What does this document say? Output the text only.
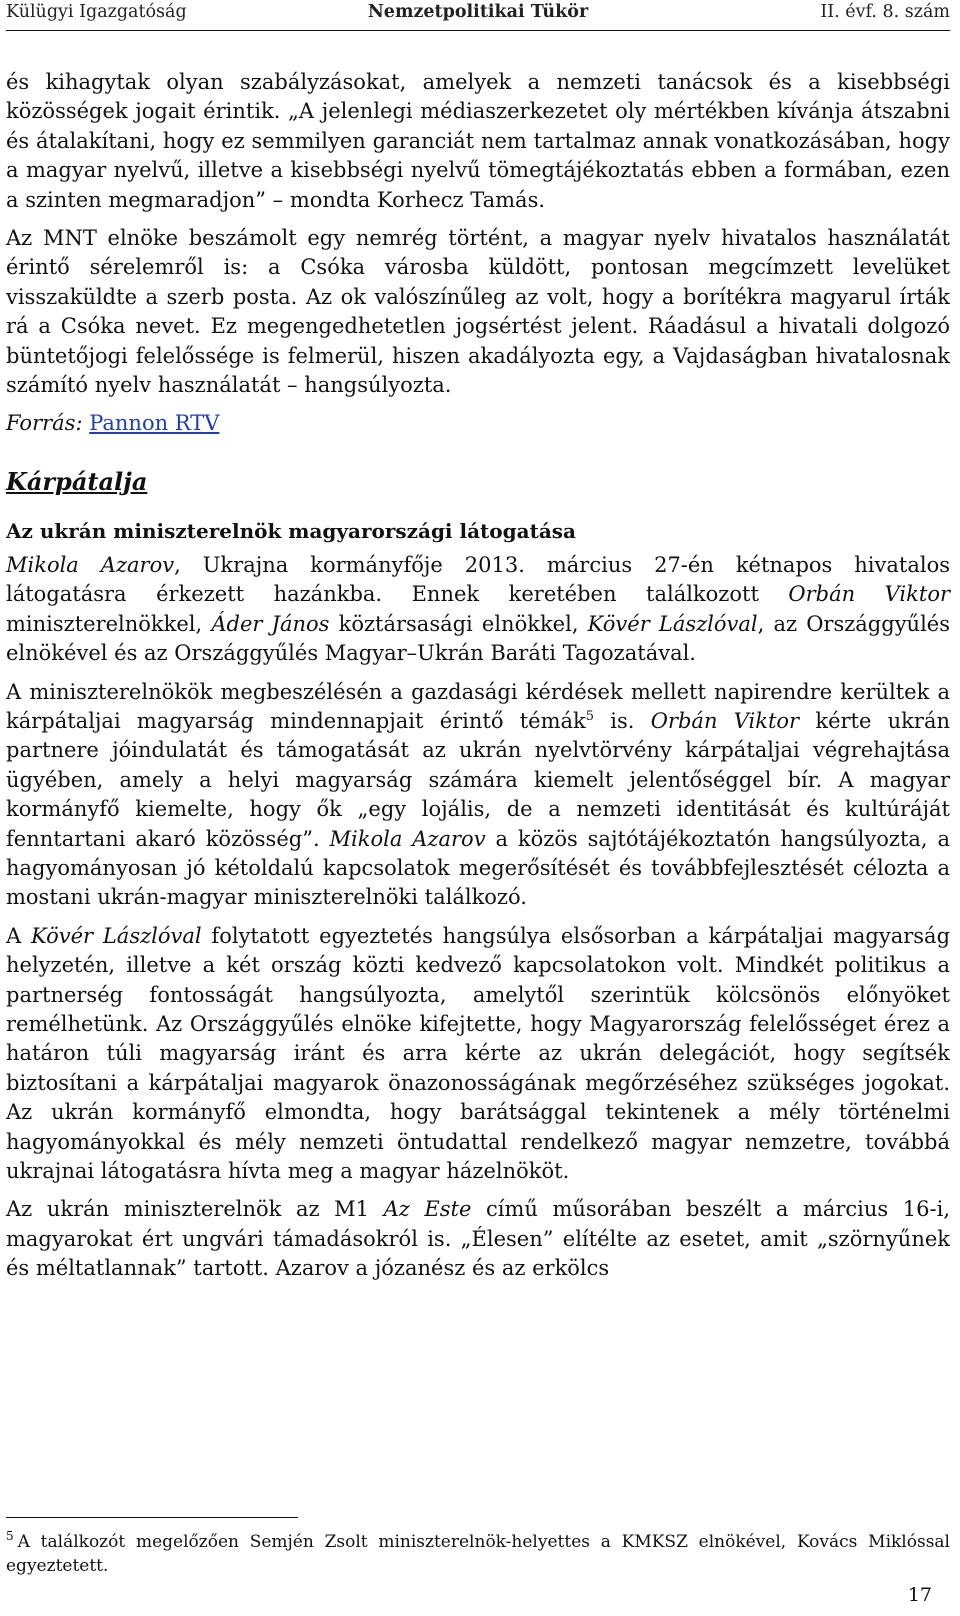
Külügyi Igazgatóság	Nemzetpolitikai Tükör	II. évf. 8. szám

és kihagytak olyan szabályzásokat, amelyek a nemzeti tanácsok és a kisebbségi közösségek jogait érintik. „A jelenlegi médiaszerkezetet oly mértékben kívánja átszabni és átalakítani, hogy ez semmilyen garanciát nem tartalmaz annak vonatkozásában, hogy a magyar nyelvű, illetve a kisebbségi nyelvű tömegtájékoztatás ebben a formában, ezen a szinten megmaradjon” – mondta Korhecz Tamás.

Az MNT elnöke beszámolt egy nemrég történt, a magyar nyelv hivatalos használatát érintő sérelemről is: a Csóka városba küldött, pontosan megcímzett levelüket visszaküldte a szerb posta. Az ok valószínűleg az volt, hogy a borítékra magyarul írták rá a Csóka nevet. Ez megengedhetetlen jogsértést jelent. Ráadásul a hivatali dolgozó büntetőjogi felelőssége is felmerül, hiszen akadályozta egy, a Vajdaságban hivatalosnak számító nyelv használatát – hangsúlyozta.

Forrás: Pannon RTV

Kárpátalja
Az ukrán miniszterelnök magyarországi látogatása

Mikola Azarov, Ukrajna kormányfője 2013. március 27-én kétnapos hivatalos látogatásra érkezett hazánkba. Ennek keretében találkozott Orbán Viktor miniszterelnökkel, Áder János köztársasági elnökkel, Kövér Lászlóval, az Országgyűlés elnökével és az Országgyűlés Magyar–Ukrán Baráti Tagozatával.

A miniszterelnökök megbeszélésén a gazdasági kérdések mellett napirendre kerültek a kárpátaljai magyarság mindennapjait érintő témák$^5$ is. Orbán Viktor kérte ukrán partnere jóindulatát és támogatását az ukrán nyelvtörvény kárpátaljai végrehajtása ügyében, amely a helyi magyarság számára kiemelt jelentőséggel bír. A magyar kormányfő kiemelte, hogy ők „egy lojális, de a nemzeti identitását és kultúráját fenntartani akaró közösség”. Mikola Azarov a közös sajtótájékoztatón hangsúlyozta, a hagyományosan jó kétoldalú kapcsolatok megerősítését és továbbfejlesztését célozta a mostani ukrán-magyar miniszterelnöki találkozó.

A Kövér Lászlóval folytatott egyeztetés hangsúlya elsősorban a kárpátaljai magyarság helyzetén, illetve a két ország közti kedvező kapcsolatokon volt. Mindkét politikus a partnerség fontosságát hangsúlyozta, amelytől szerintük kölcsönös előnyöket remélhetünk. Az Országgyűlés elnöke kifejtette, hogy Magyarország felelősséget érez a határon túli magyarság iránt és arra kérte az ukrán delegációt, hogy segítsék biztosítani a kárpátaljai magyarok önazonosságának megőrzéséhez szükséges jogokat. Az ukrán kormányfő elmondta, hogy barátsággal tekintenek a mély történelmi hagyományokkal és mély nemzeti öntudattal rendelkező magyar nemzetre, továbbá ukrajnai látogatásra hívta meg a magyar házelnököt.

Az ukrán miniszterelnök az M1 Az Este című műsorában beszélt a március 16-i, magyarokat ért ungvári támadásokról is. „Élesen” elítélte az esetet, amit „szörnyűnek és méltatlannak” tartott. Azarov a józanész és az erkölcs

$^5$ A találkozót megelőzően Semjén Zsolt miniszterelnök-helyettes a KMKSZ elnökével, Kovács Miklóssal egyeztetett.
17
